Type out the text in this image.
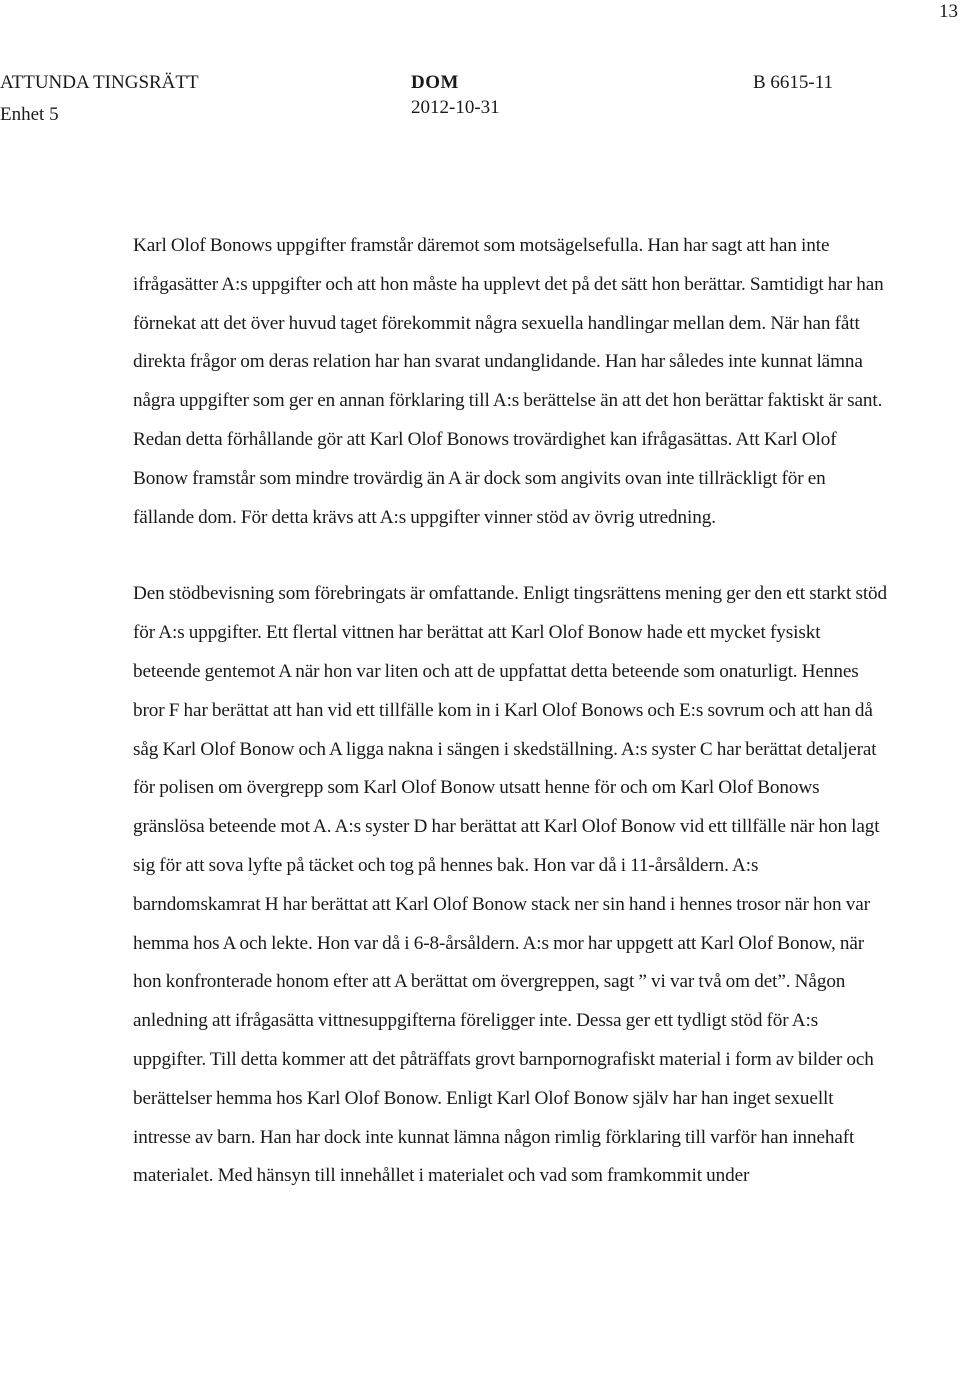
13
ATTUNDA TINGSRÄTT
Enhet 5
DOM
2012-10-31
B 6615-11

Karl Olof Bonows uppgifter framstår däremot som motsägelsefulla. Han har sagt att han inte ifrågasätter A:s uppgifter och att hon måste ha upplevt det på det sätt hon berättar. Samtidigt har han förnekat att det över huvud taget förekommit några sexuella handlingar mellan dem. När han fått direkta frågor om deras relation har han svarat undanglidande. Han har således inte kunnat lämna några uppgifter som ger en annan förklaring till A:s berättelse än att det hon berättar faktiskt är sant. Redan detta förhållande gör att Karl Olof Bonows trovärdighet kan ifrågasättas. Att Karl Olof Bonow framstår som mindre trovärdig än A är dock som angivits ovan inte tillräckligt för en fällande dom. För detta krävs att A:s uppgifter vinner stöd av övrig utredning.

Den stödbevisning som förebringats är omfattande. Enligt tingsrättens mening ger den ett starkt stöd för A:s uppgifter. Ett flertal vittnen har berättat att Karl Olof Bonow hade ett mycket fysiskt beteende gentemot A när hon var liten och att de uppfattat detta beteende som onaturligt. Hennes bror F har berättat att han vid ett tillfälle kom in i Karl Olof Bonows och E:s sovrum och att han då såg Karl Olof Bonow och A ligga nakna i sängen i skedställning. A:s syster C har berättat detaljerat för polisen om övergrepp som Karl Olof Bonow utsatt henne för och om Karl Olof Bonows gränslösa beteende mot A. A:s syster D har berättat att Karl Olof Bonow vid ett tillfälle när hon lagt sig för att sova lyfte på täcket och tog på hennes bak. Hon var då i 11-årsåldern. A:s barndomskamrat H har berättat att Karl Olof Bonow stack ner sin hand i hennes trosor när hon var hemma hos A och lekte. Hon var då i 6-8-årsåldern. A:s mor har uppgett att Karl Olof Bonow, när hon konfronterade honom efter att A berättat om övergreppen, sagt ” vi var två om det”. Någon anledning att ifrågasätta vittnesuppgifterna föreligger inte. Dessa ger ett tydligt stöd för A:s uppgifter. Till detta kommer att det påträffats grovt barnpornografiskt material i form av bilder och berättelser hemma hos Karl Olof Bonow. Enligt Karl Olof Bonow själv har han inget sexuellt intresse av barn. Han har dock inte kunnat lämna någon rimlig förklaring till varför han innehaft materialet. Med hänsyn till innehållet i materialet och vad som framkommit under
